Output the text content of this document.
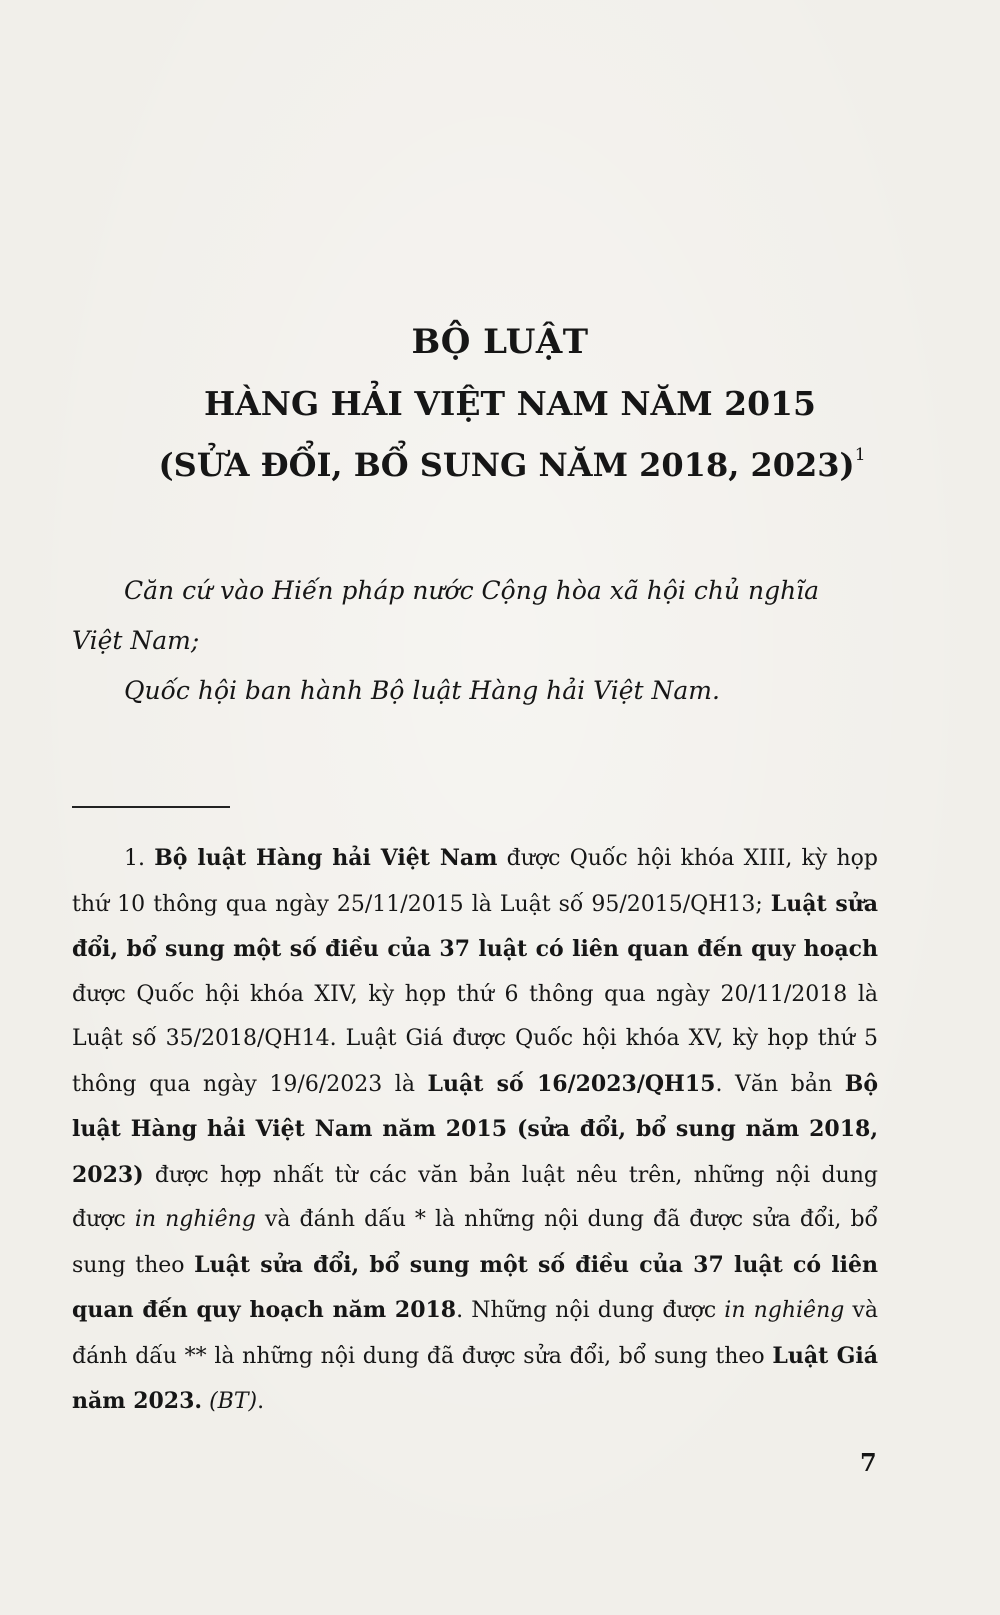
BỘ LUẬT
HÀNG HẢI VIỆT NAM NĂM 2015
(SỬA ĐỔI, BỔ SUNG NĂM 2018, 2023)$^1$
Căn cứ vào Hiến pháp nước Cộng hòa xã hội chủ nghĩa
Việt Nam;
Quốc hội ban hành Bộ luật Hàng hải Việt Nam.
1. Bộ luật Hàng hải Việt Nam được Quốc hội khóa XIII, kỳ họp thứ 10 thông qua ngày 25/11/2015 là Luật số 95/2015/QH13; Luật sửa đổi, bổ sung một số điều của 37 luật có liên quan đến quy hoạch được Quốc hội khóa XIV, kỳ họp thứ 6 thông qua ngày 20/11/2018 là Luật số 35/2018/QH14. Luật Giá được Quốc hội khóa XV, kỳ họp thứ 5 thông qua ngày 19/6/2023 là Luật số 16/2023/QH15. Văn bản Bộ luật Hàng hải Việt Nam năm 2015 (sửa đổi, bổ sung năm 2018, 2023) được hợp nhất từ các văn bản luật nêu trên, những nội dung được in nghiêng và đánh dấu * là những nội dung đã được sửa đổi, bổ sung theo Luật sửa đổi, bổ sung một số điều của 37 luật có liên quan đến quy hoạch năm 2018. Những nội dung được in nghiêng và đánh dấu ** là những nội dung đã được sửa đổi, bổ sung theo Luật Giá năm 2023. (BT).
7
